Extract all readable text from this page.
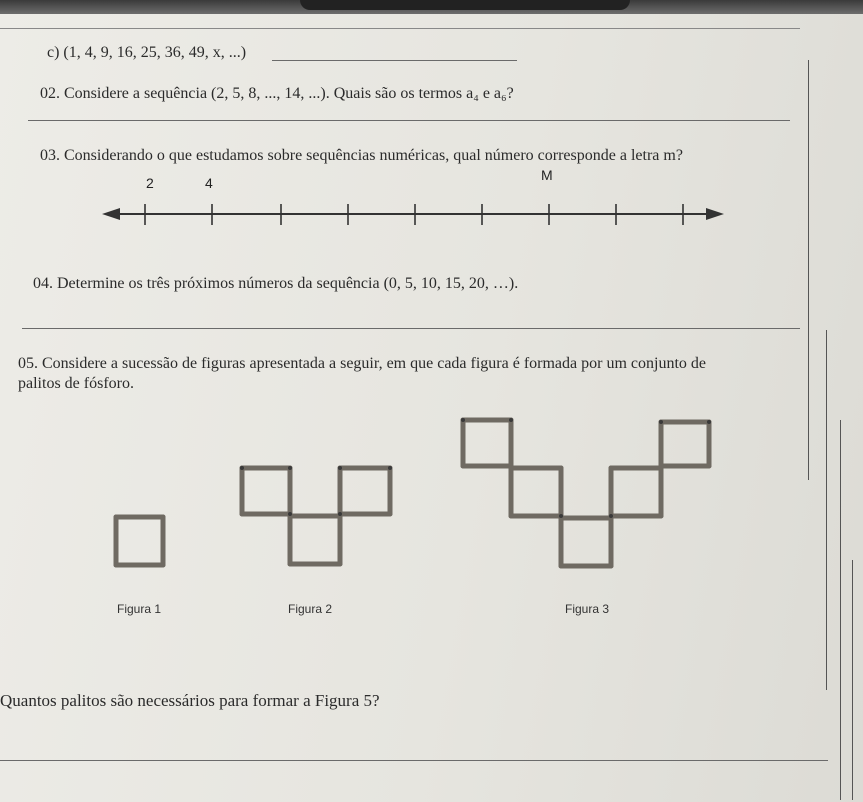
c) (1, 4, 9, 16, 25, 36, 49, x, ...)
02. Considere a sequência (2, 5, 8, ..., 14, ...). Quais são os termos a₄ e a₆?
03. Considerando o que estudamos sobre sequências numéricas, qual número corresponde a letra m?
2	4	M
04. Determine os três próximos números da sequência (0, 5, 10, 15, 20, …).
05. Considere a sucessão de figuras apresentada a seguir, em que cada figura é formada por um conjunto de
palitos de fósforo.
Figura 1	Figura 2	Figura 3
Quantos palitos são necessários para formar a Figura 5?
